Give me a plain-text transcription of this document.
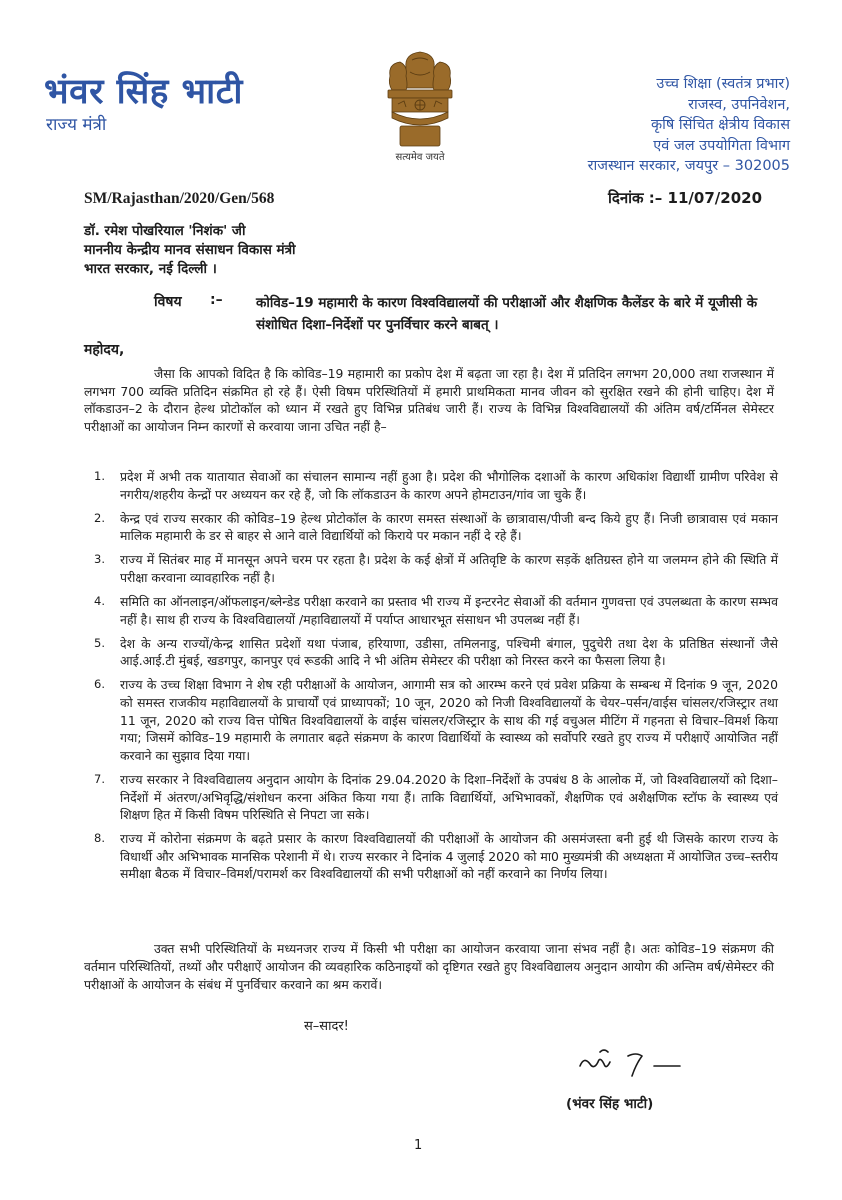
भंवर सिंह भाटी
राज्य मंत्री
सत्यमेव जयते
उच्च शिक्षा (स्वतंत्र प्रभार)
राजस्व, उपनिवेशन,
कृषि सिंचित क्षेत्रीय विकास
एवं जल उपयोगिता विभाग
राजस्थान सरकार, जयपुर – 302005
SM/Rajasthan/2020/Gen/568	दिनांक :– 11/07/2020
डॉ. रमेश पोखरियाल 'निशंक' जी
माननीय केन्द्रीय मानव संसाधन विकास मंत्री
भारत सरकार, नई दिल्ली ।
विषय :– कोविड–19 महामारी के कारण विश्वविद्यालयों की परीक्षाओं और शैक्षणिक कैलेंडर के बारे में यूजीसी के संशोधित दिशा–निर्देशों पर पुनर्विचार करने बाबत् ।
महोदय,

जैसा कि आपको विदित है कि कोविड–19 महामारी का प्रकोप देश में बढ़ता जा रहा है। देश में प्रतिदिन लगभग 20,000 तथा राजस्थान में लगभग 700 व्यक्ति प्रतिदिन संक्रमित हो रहे हैं। ऐसी विषम परिस्थितियों में हमारी प्राथमिकता मानव जीवन को सुरक्षित रखने की होनी चाहिए। देश में लॉकडाउन–2 के दौरान हेल्थ प्रोटोकॉल को ध्यान में रखते हुए विभिन्न प्रतिबंध जारी हैं। राज्य के विभिन्न विश्वविद्यालयों की अंतिम वर्ष/टर्मिनल सेमेस्टर परीक्षाओं का आयोजन निम्न कारणों से करवाया जाना उचित नहीं है–

1. प्रदेश में अभी तक यातायात सेवाओं का संचालन सामान्य नहीं हुआ है। प्रदेश की भौगोलिक दशाओं के कारण अधिकांश विद्यार्थी ग्रामीण परिवेश से नगरीय/शहरीय केन्द्रों पर अध्ययन कर रहे हैं, जो कि लॉकडाउन के कारण अपने होमटाउन/गांव जा चुके हैं।
2. केन्द्र एवं राज्य सरकार की कोविड–19 हेल्थ प्रोटोकॉल के कारण समस्त संस्थाओं के छात्रावास/पीजी बन्द किये हुए हैं। निजी छात्रावास एवं मकान मालिक महामारी के डर से बाहर से आने वाले विद्यार्थियों को किराये पर मकान नहीं दे रहे हैं।
3. राज्य में सितंबर माह में मानसून अपने चरम पर रहता है। प्रदेश के कई क्षेत्रों में अतिवृष्टि के कारण सड़कें क्षतिग्रस्त होने या जलमग्न होने की स्थिति में परीक्षा करवाना व्यावहारिक नहीं है।
4. समिति का ऑनलाइन/ऑफलाइन/ब्लेन्डेड परीक्षा करवाने का प्रस्ताव भी राज्य में इन्टरनेट सेवाओं की वर्तमान गुणवत्ता एवं उपलब्धता के कारण सम्भव नहीं है। साथ ही राज्य के विश्वविद्यालयों /महाविद्यालयों में पर्याप्त आधारभूत संसाधन भी उपलब्ध नहीं हैं।
5. देश के अन्य राज्यों/केन्द्र शासित प्रदेशों यथा पंजाब, हरियाणा, उडीसा, तमिलनाडु, पश्चिमी बंगाल, पुदुचेरी तथा देश के प्रतिष्ठित संस्थानों जैसे आई.आई.टी मुंबई, खडगपुर, कानपुर एवं रूडकी आदि ने भी अंतिम सेमेस्टर की परीक्षा को निरस्त करने का फैसला लिया है।
6. राज्य के उच्च शिक्षा विभाग ने शेष रही परीक्षाओं के आयोजन, आगामी सत्र को आरम्भ करने एवं प्रवेश प्रक्रिया के सम्बन्ध में दिनांक 9 जून, 2020 को समस्त राजकीय महाविद्यालयों के प्राचार्यों एवं प्राध्यापकों; 10 जून, 2020 को निजी विश्वविद्यालयों के चेयर–पर्सन/वाईस चांसलर/रजिस्ट्रार तथा 11 जून, 2020 को राज्य वित्त पोषित विश्वविद्यालयों के वाईस चांसलर/रजिस्ट्रार के साथ की गई वचुअल मीटिंग में गहनता से विचार–विमर्श किया गया; जिसमें कोविड–19 महामारी के लगातार बढ़ते संक्रमण के कारण विद्यार्थियों के स्वास्थ्य को सर्वोपरि रखते हुए राज्य में परीक्षाऐं आयोजित नहीं करवाने का सुझाव दिया गया।
7. राज्य सरकार ने विश्वविद्यालय अनुदान आयोग के दिनांक 29.04.2020 के दिशा–निर्देशों के उपबंध 8 के आलोक में, जो विश्वविद्यालयों को दिशा–निर्देशों में अंतरण/अभिवृद्धि/संशोधन करना अंकित किया गया हैं। ताकि विद्यार्थियों, अभिभावकों, शैक्षणिक एवं अशैक्षणिक स्टॉफ के स्वास्थ्य एवं शिक्षण हित में किसी विषम परिस्थिति से निपटा जा सके।
8. राज्य में कोरोना संक्रमण के बढ़ते प्रसार के कारण विश्वविद्यालयों की परीक्षाओं के आयोजन की असमंजस्ता बनी हुई थी जिसके कारण राज्य के विधार्थी और अभिभावक मानसिक परेशानी में थे। राज्य सरकार ने दिनांक 4 जुलाई 2020 को मा0 मुख्यमंत्री की अध्यक्षता में आयोजित उच्च–स्तरीय समीक्षा बैठक में विचार–विमर्श/परामर्श कर विश्वविद्यालयों की सभी परीक्षाओं को नहीं करवाने का निर्णय लिया।

उक्त सभी परिस्थितियों के मध्यनजर राज्य में किसी भी परीक्षा का आयोजन करवाया जाना संभव नहीं है। अतः कोविड–19 संक्रमण की वर्तमान परिस्थितियों, तथ्यों और परीक्षाऐं आयोजन की व्यवहारिक कठिनाइयों को दृष्टिगत रखते हुए विश्वविद्यालय अनुदान आयोग की अन्तिम वर्ष/सेमेस्टर की परीक्षाओं के आयोजन के संबंध में पुनर्विचार करवाने का श्रम करावें।

स–सादर!
(भंवर सिंह भाटी)
1
